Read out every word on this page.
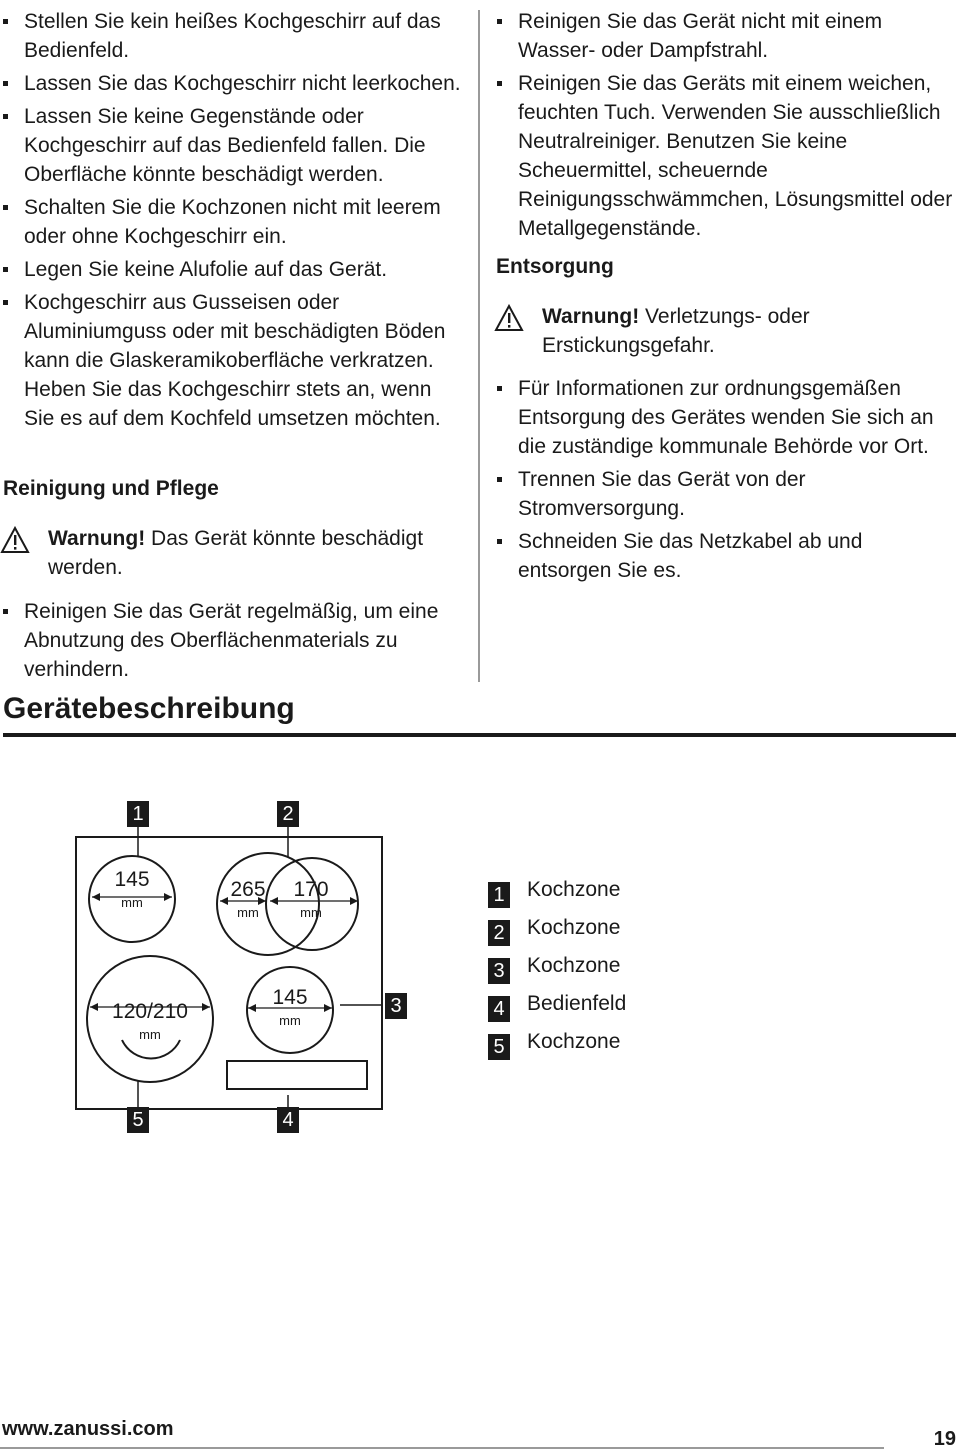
Stellen Sie kein heißes Kochgeschirr auf das Bedienfeld.
Lassen Sie das Kochgeschirr nicht leerkochen.
Lassen Sie keine Gegenstände oder Kochgeschirr auf das Bedienfeld fallen. Die Oberfläche könnte beschädigt werden.
Schalten Sie die Kochzonen nicht mit leerem oder ohne Kochgeschirr ein.
Legen Sie keine Alufolie auf das Gerät.
Kochgeschirr aus Gusseisen oder Aluminiumguss oder mit beschädigten Böden kann die Glaskeramikoberfläche verkratzen. Heben Sie das Kochgeschirr stets an, wenn Sie es auf dem Kochfeld umsetzen möchten.
Reinigung und Pflege
Warnung! Das Gerät könnte beschädigt werden.
Reinigen Sie das Gerät regelmäßig, um eine Abnutzung des Oberflächenmaterials zu verhindern.
Reinigen Sie das Gerät nicht mit einem Wasser- oder Dampfstrahl.
Reinigen Sie das Geräts mit einem weichen, feuchten Tuch. Verwenden Sie ausschließlich Neutralreiniger. Benutzen Sie keine Scheuermittel, scheuernde Reinigungsschwämmchen, Lösungsmittel oder Metallgegenstände.
Entsorgung
Warnung! Verletzungs- oder Erstickungsgefahr.
Für Informationen zur ordnungsgemäßen Entsorgung des Gerätes wenden Sie sich an die zuständige kommunale Behörde vor Ort.
Trennen Sie das Gerät von der Stromversorgung.
Schneiden Sie das Netzkabel ab und entsorgen Sie es.
Gerätebeschreibung
1	2
3
4
5
145
mm
265
mm
170
mm
120/210
mm
145
mm
1 Kochzone
2 Kochzone
3 Kochzone
4 Bedienfeld
5 Kochzone
www.zanussi.com	19
